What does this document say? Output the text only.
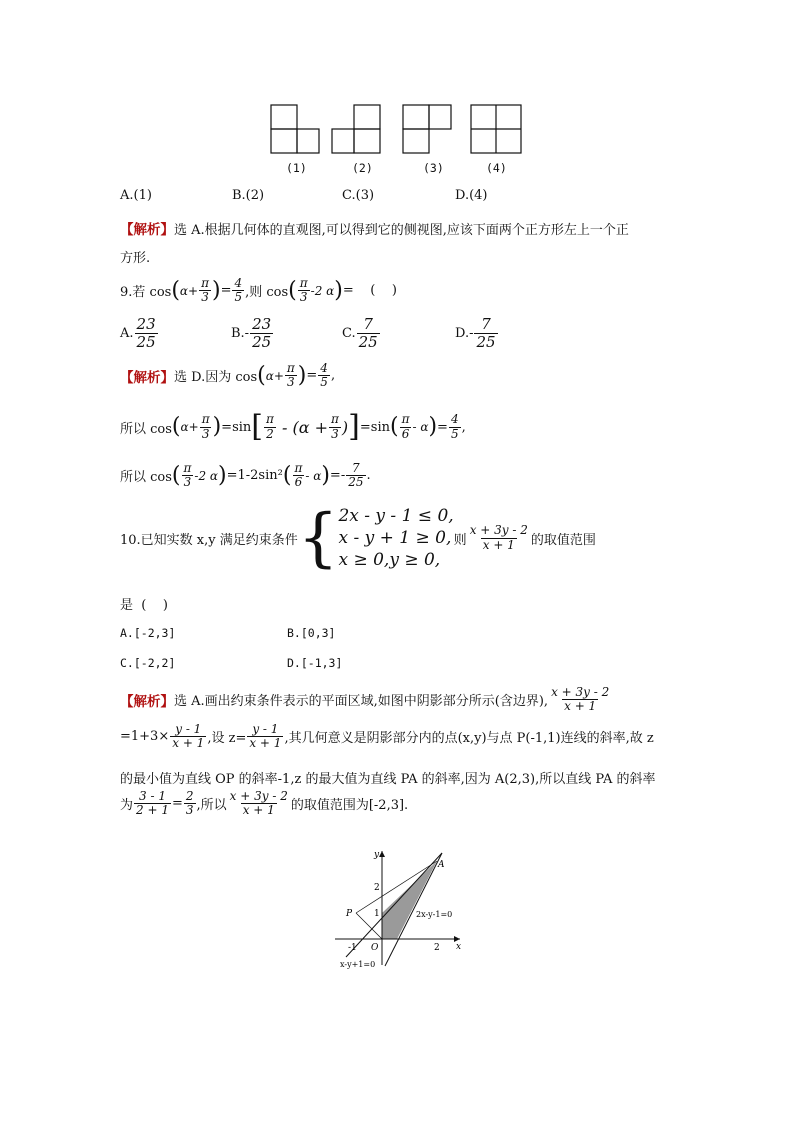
(1)	(2)	(3)	(4)
A.(1)	B.(2)	C.(3)	D.(4)
【解析】选 A.根据几何体的直观图,可以得到它的侧视图,应该下面两个正方形左上一个正
方形.
9.若 cos ( $\alpha + \frac{\pi}{3}$ ) = $\frac{4}{5}$ ,则 cos ( $\frac{\pi}{3} -2$ α ) =    (    )
A. $\frac{23}{25}$	$B.- \frac{23}{25}$	C. $\frac{7}{25}$	$D.- \frac{7}{25}$
【解析】 选 D.因为 cos ( $\alpha + \frac{\pi}{3}$ ) = $\frac{4}{5}$ ,
所以 cos ( $\alpha + \frac{\pi}{3}$ ) =sin [ $\frac{\pi}{2} - (\alpha + \frac{\pi}{3}$ ) ] =sin ( $\frac{\pi}{6}$ - α ) = $\frac{4}{5}$ ,
所以 cos ( $\frac{\pi}{3} -2$ α ) =1-2sin² ( $\frac{\pi}{6}$ - α ) =- $\frac{7}{25}$ .
10.已知实数 x,y 满足约束条件 { 2x - y - 1 ≤ 0,
x - y + 1 ≥ 0,
x ≥ 0,y ≥ 0,
则 $\frac{x + 3y - 2}{x + 1}$ 的取值范围
是  (    )
A.[-2,3]	B.[0,3]
C.[-2,2]	D.[-1,3]
【解析】 选 A.画出约束条件表示的平面区域,如图中阴影部分所示(含边界), $\frac{x + 3y - 2}{x + 1}$
$=1+3\times \frac{y - 1}{x + 1}$ ,设 $z= \frac{y - 1}{x + 1}$ ,其几何意义是阴影部分内的点(x,y)与点 P(-1,1)连线的斜率,故 z
的最小值为直线 OP 的斜率-1,z 的最大值为直线 PA 的斜率,因为 A(2,3),所以直线 PA 的斜率
为 $\frac{3 - 1}{2 + 1} = \frac{2}{3}$ ,所以 $\frac{x + 3y - 2}{x + 1}$ 的取值范围为[-2,3].
2
1
2
-1 O
y
x
A
P	2x-y-1=0
x-y+1=0
